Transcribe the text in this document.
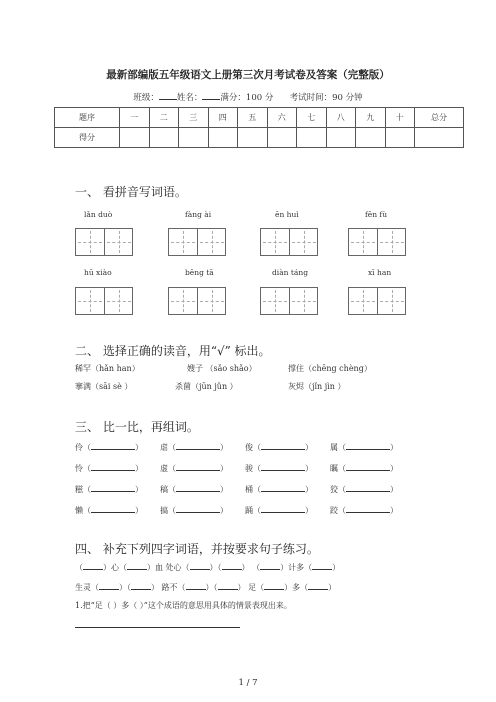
最新部编版五年级语文上册第三次月考试卷及答案（完整版）
班级： 姓名： 满分：100 分 考试时间：90 分钟
题序	一	二	三	四	五	六	七	八	九	十	总分
得分											
一、 看拼音写词语。
lǎn duò	fàng ài	ēn huì	fēn fù
hū xiào	bēng tā	diàn táng	xī han
二、 选择正确的读音，用“√” 标出。
稀罕（hǎn han）	嫂子 （sǎo shǎo）	撑住（chēng chèng）
搴满（sāi sè ）	杀菌（jūn jǔn ）	灰烬（jǐn jìn ）
三、 比一比，再组词。
伶（	） 虐（	） 俊（	） 属（	）
怜（	） 虚（	） 骏（	） 瞩（	）
糍（	） 稿（	） 桶（	） 狡（	）
懒（	） 搞（	） 踊（	） 跤（	）
四、 补充下列四字词语，并按要求句子练习。
（	）心（	）血 处心（	）（	） （	）计多（	）
生灵（	）（	） 路不（	）（	） 足（	）多（	）
1.把“足（ ）多（ ）”这个成语的意思用具体的情景表现出来。
1 / 7
